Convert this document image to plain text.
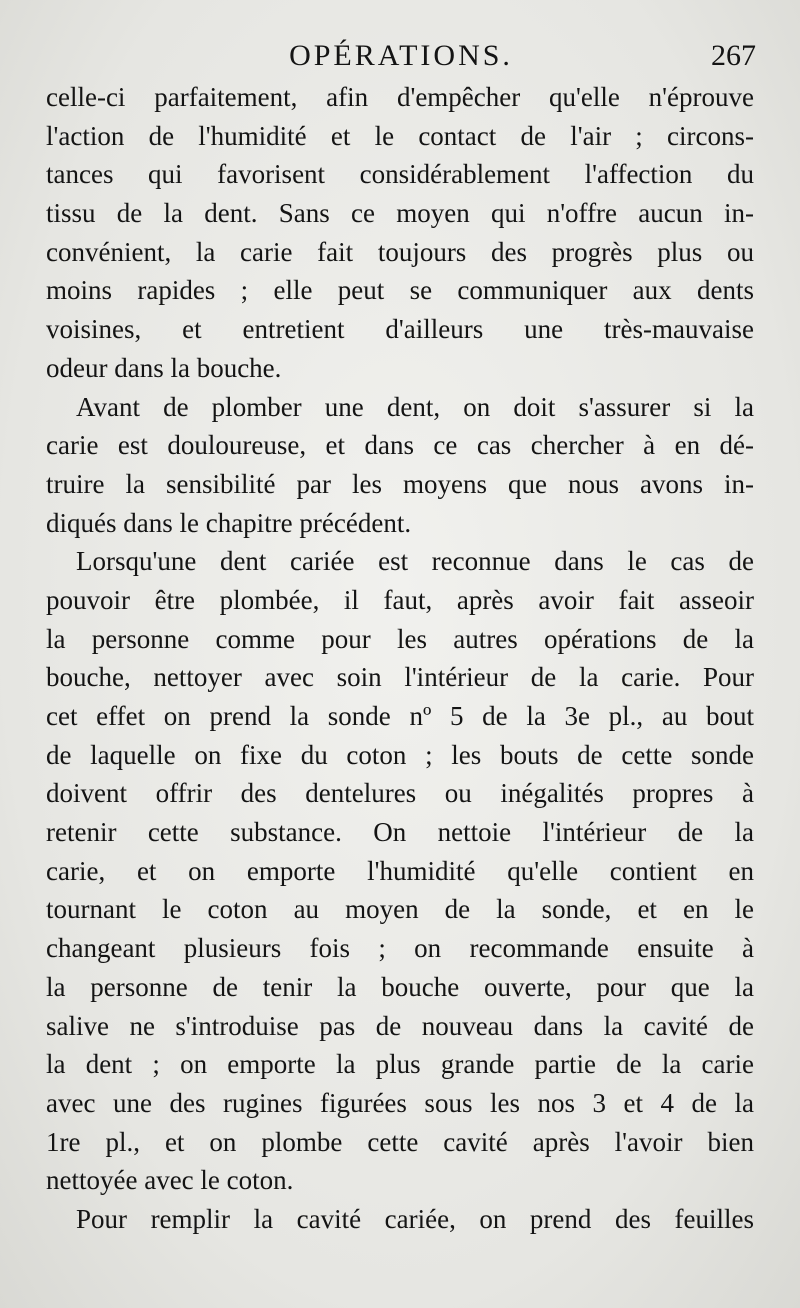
OPÉRATIONS.	267
celle-ci parfaitement, afin d'empêcher qu'elle n'éprouve
l'action de l'humidité et le contact de l'air ; circons-
tances qui favorisent considérablement l'affection du
tissu de la dent. Sans ce moyen qui n'offre aucun in-
convénient, la carie fait toujours des progrès plus ou
moins rapides ; elle peut se communiquer aux dents
voisines, et entretient d'ailleurs une très-mauvaise
odeur dans la bouche.
Avant de plomber une dent, on doit s'assurer si la
carie est douloureuse, et dans ce cas chercher à en dé-
truire la sensibilité par les moyens que nous avons in-
diqués dans le chapitre précédent.
Lorsqu'une dent cariée est reconnue dans le cas de
pouvoir être plombée, il faut, après avoir fait asseoir
la personne comme pour les autres opérations de la
bouche, nettoyer avec soin l'intérieur de la carie. Pour
cet effet on prend la sonde nº 5 de la 3e pl., au bout
de laquelle on fixe du coton ; les bouts de cette sonde
doivent offrir des dentelures ou inégalités propres à
retenir cette substance. On nettoie l'intérieur de la
carie, et on emporte l'humidité qu'elle contient en
tournant le coton au moyen de la sonde, et en le
changeant plusieurs fois ; on recommande ensuite à
la personne de tenir la bouche ouverte, pour que la
salive ne s'introduise pas de nouveau dans la cavité de
la dent ; on emporte la plus grande partie de la carie
avec une des rugines figurées sous les nos 3 et 4 de la
1re pl., et on plombe cette cavité après l'avoir bien
nettoyée avec le coton.
Pour remplir la cavité cariée, on prend des feuilles
